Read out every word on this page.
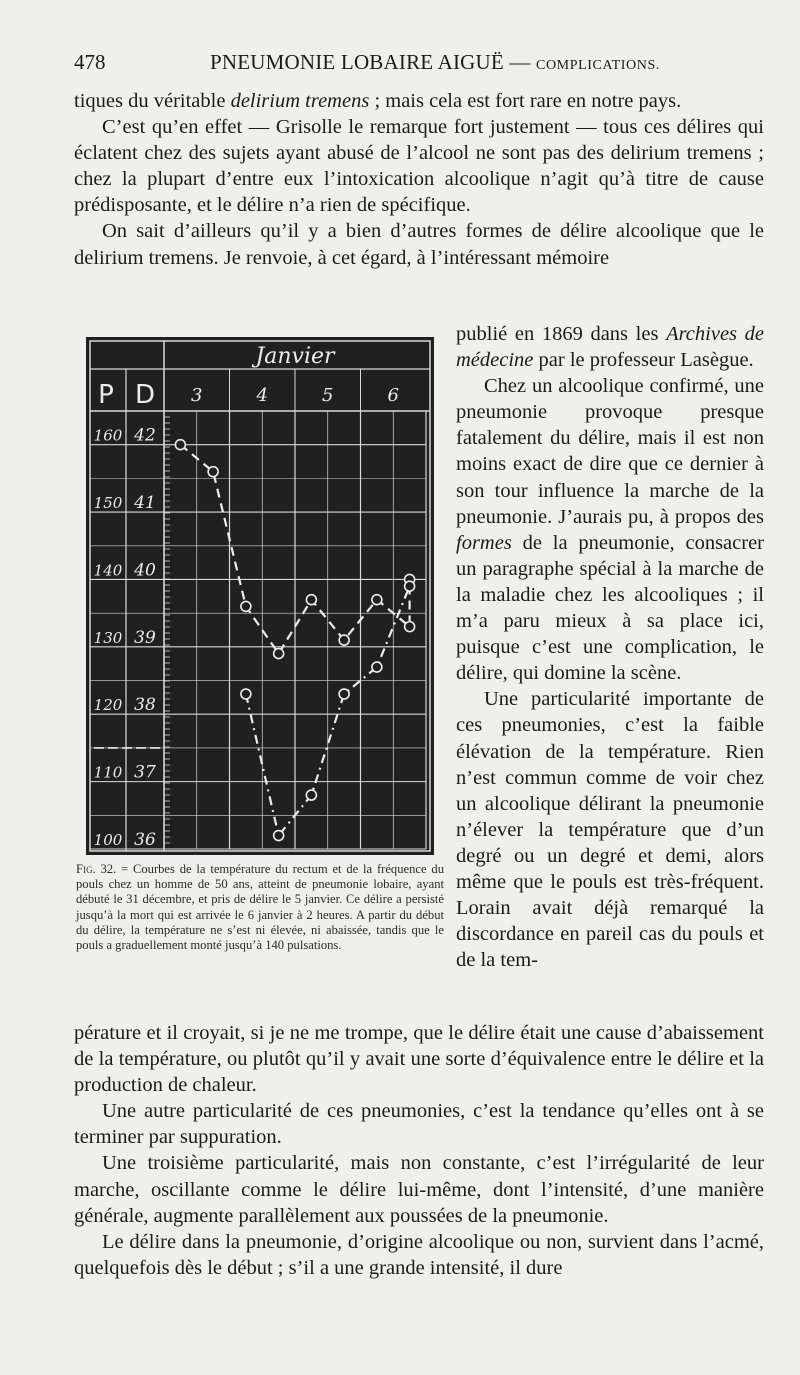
478	PNEUMONIE LOBAIRE AIGUË — COMPLICATIONS.

tiques du véritable delirium tremens ; mais cela est fort rare en notre pays.

C’est qu’en effet — Grisolle le remarque fort justement — tous ces délires qui éclatent chez des sujets ayant abusé de l’alcool ne sont pas des delirium tremens ; chez la plupart d’entre eux l’intoxication alcoolique n’agit qu’à titre de cause prédisposante, et le délire n’a rien de spécifique.

On sait d’ailleurs qu’il y a bien d’autres formes de délire alcoolique que le delirium tremens. Je renvoie, à cet égard, à l’intéressant mémoire

Janvier
P D 3	4	5	6
160
150
140
130
120
110
100
42
41
40
39
38
37
36
Fig. 32. = Courbes de la température du rectum et de la fréquence du pouls chez un homme de 50 ans, atteint de pneumonie lobaire, ayant débuté le 31 décembre, et pris de délire le 5 janvier. Ce délire a persisté jusqu’à la mort qui est arrivée le 6 janvier à 2 heures. A partir du début du délire, la température ne s’est ni élevée, ni abaissée, tandis que le pouls a graduellement monté jusqu’à 140 pulsations.

publié en 1869 dans les Archives de médecine par le professeur Lasègue.

Chez un alcoolique confirmé, une pneumonie provoque presque fatalement du délire, mais il est non moins exact de dire que ce dernier à son tour influence la marche de la pneumonie. J’aurais pu, à propos des formes de la pneumonie, consacrer un paragraphe spécial à la marche de la maladie chez les alcooliques ; il m’a paru mieux à sa place ici, puisque c’est une complication, le délire, qui domine la scène.

Une particularité importante de ces pneumonies, c’est la faible élévation de la température. Rien n’est commun comme de voir chez un alcoolique délirant la pneumonie n’élever la température que d’un degré ou un degré et demi, alors même que le pouls est très-fréquent. Lorain avait déjà remarqué la discordance en pareil cas du pouls et de la tem-

pérature et il croyait, si je ne me trompe, que le délire était une cause d’abaissement de la température, ou plutôt qu’il y avait une sorte d’équivalence entre le délire et la production de chaleur.

Une autre particularité de ces pneumonies, c’est la tendance qu’elles ont à se terminer par suppuration.

Une troisième particularité, mais non constante, c’est l’irrégularité de leur marche, oscillante comme le délire lui-même, dont l’intensité, d’une manière générale, augmente parallèlement aux poussées de la pneumonie.

Le délire dans la pneumonie, d’origine alcoolique ou non, survient dans l’acmé, quelquefois dès le début ; s’il a une grande intensité, il dure
